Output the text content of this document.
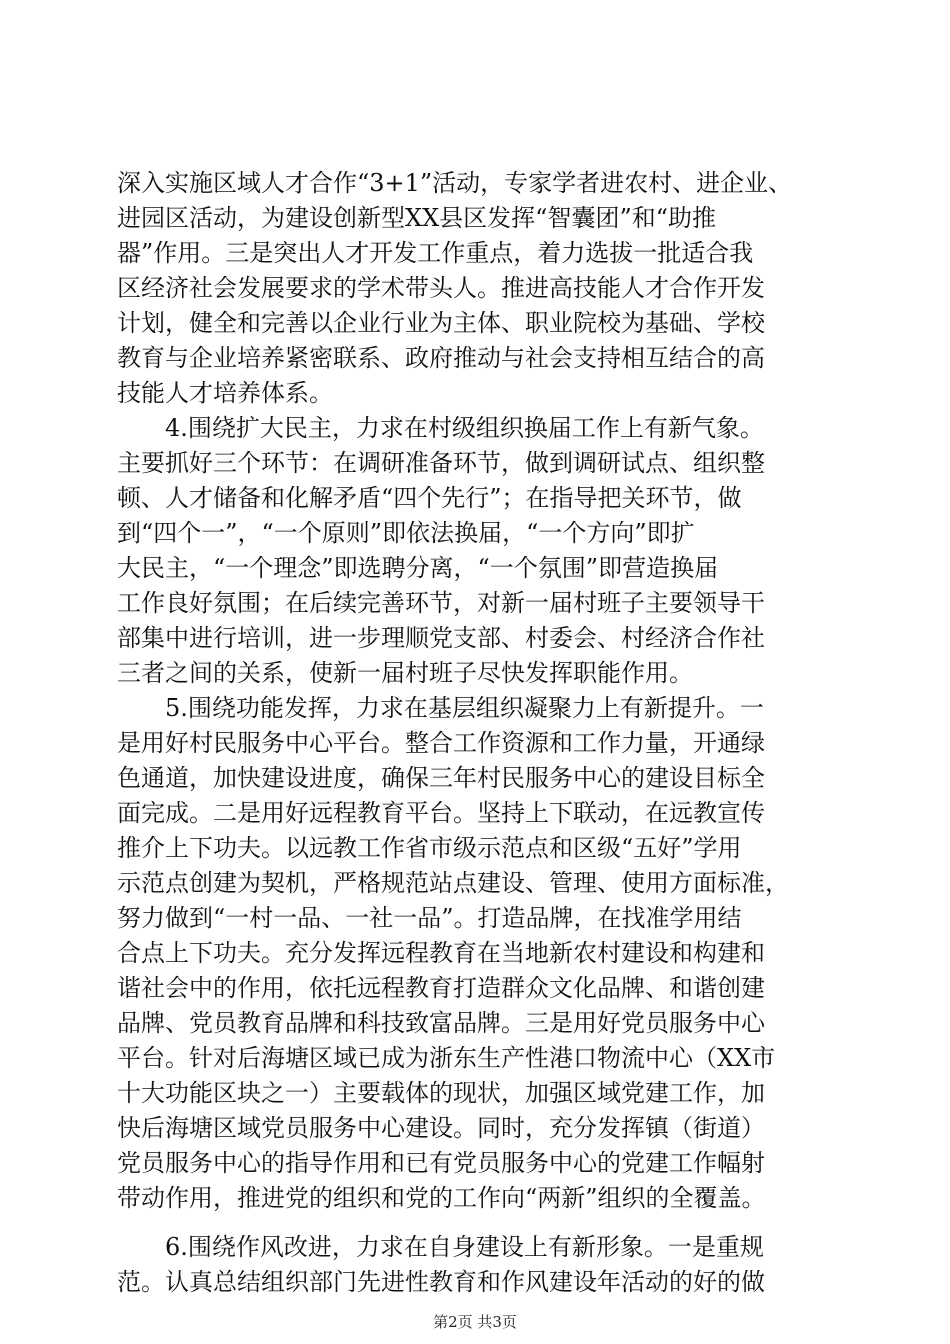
深入实施区域人才合作“3+1”活动，专家学者进农村、进企业、
进园区活动，为建设创新型XX县区发挥“智囊团”和“助推
器”作用。三是突出人才开发工作重点，着力选拔一批适合我
区经济社会发展要求的学术带头人。推进高技能人才合作开发
计划，健全和完善以企业行业为主体、职业院校为基础、学校
教育与企业培养紧密联系、政府推动与社会支持相互结合的高
技能人才培养体系。
4.围绕扩大民主，力求在村级组织换届工作上有新气象。
主要抓好三个环节：在调研准备环节，做到调研试点、组织整
顿、人才储备和化解矛盾“四个先行”；在指导把关环节，做
到“四个一”，“一个原则”即依法换届，“一个方向”即扩
大民主，“一个理念”即选聘分离，“一个氛围”即营造换届
工作良好氛围；在后续完善环节，对新一届村班子主要领导干
部集中进行培训，进一步理顺党支部、村委会、村经济合作社
三者之间的关系，使新一届村班子尽快发挥职能作用。
5.围绕功能发挥，力求在基层组织凝聚力上有新提升。一
是用好村民服务中心平台。整合工作资源和工作力量，开通绿
色通道，加快建设进度，确保三年村民服务中心的建设目标全
面完成。二是用好远程教育平台。坚持上下联动，在远教宣传
推介上下功夫。以远教工作省市级示范点和区级“五好”学用
示范点创建为契机，严格规范站点建设、管理、使用方面标准，
努力做到“一村一品、一社一品”。打造品牌，在找准学用结
合点上下功夫。充分发挥远程教育在当地新农村建设和构建和
谐社会中的作用，依托远程教育打造群众文化品牌、和谐创建
品牌、党员教育品牌和科技致富品牌。三是用好党员服务中心
平台。针对后海塘区域已成为浙东生产性港口物流中心（XX市
十大功能区块之一）主要载体的现状，加强区域党建工作，加
快后海塘区域党员服务中心建设。同时，充分发挥镇（街道）
党员服务中心的指导作用和已有党员服务中心的党建工作幅射
带动作用，推进党的组织和党的工作向“两新”组织的全覆盖。
6.围绕作风改进，力求在自身建设上有新形象。一是重规
范。认真总结组织部门先进性教育和作风建设年活动的好的做
第2页 共3页
